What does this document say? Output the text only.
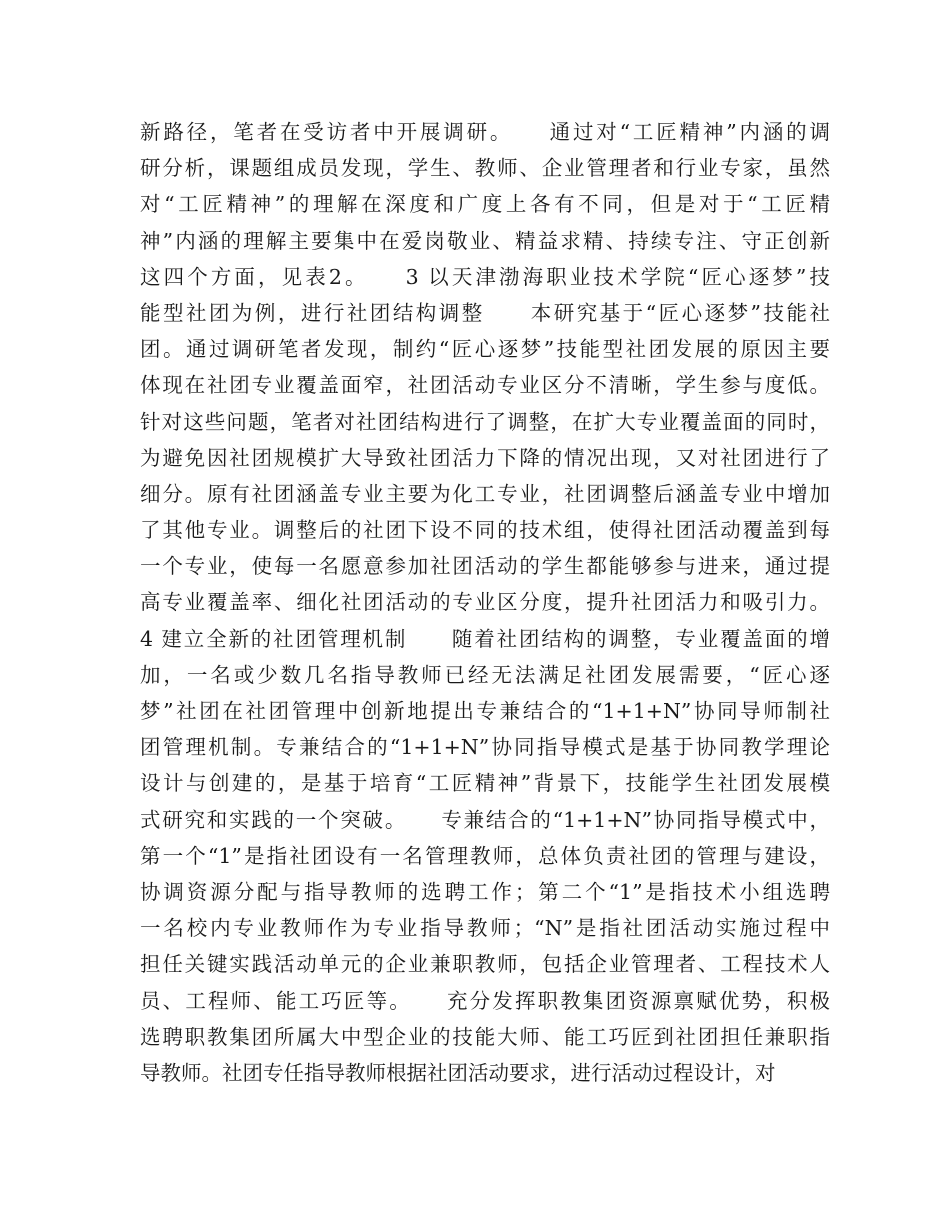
新路径，笔者在受访者中开展调研。　　通过对“工匠精神”内涵的调
研分析，课题组成员发现，学生、教师、企业管理者和行业专家，虽然
对“工匠精神”的理解在深度和广度上各有不同，但是对于“工匠精
神”内涵的理解主要集中在爱岗敬业、精益求精、持续专注、守正创新
这四个方面，见表2。　　3 以天津渤海职业技术学院“匠心逐梦”技
能型社团为例，进行社团结构调整　　本研究基于“匠心逐梦”技能社
团。通过调研笔者发现，制约“匠心逐梦”技能型社团发展的原因主要
体现在社团专业覆盖面窄，社团活动专业区分不清晰，学生参与度低。
针对这些问题，笔者对社团结构进行了调整，在扩大专业覆盖面的同时，
为避免因社团规模扩大导致社团活力下降的情况出现，又对社团进行了
细分。原有社团涵盖专业主要为化工专业，社团调整后涵盖专业中增加
了其他专业。调整后的社团下设不同的技术组，使得社团活动覆盖到每
一个专业，使每一名愿意参加社团活动的学生都能够参与进来，通过提
高专业覆盖率、细化社团活动的专业区分度，提升社团活力和吸引力。
4 建立全新的社团管理机制　　随着社团结构的调整，专业覆盖面的增
加，一名或少数几名指导教师已经无法满足社团发展需要，“匠心逐
梦”社团在社团管理中创新地提出专兼结合的“1+1+N”协同导师制社
团管理机制。专兼结合的“1+1+N”协同指导模式是基于协同教学理论
设计与创建的，是基于培育“工匠精神”背景下，技能学生社团发展模
式研究和实践的一个突破。　　专兼结合的“1+1+N”协同指导模式中，
第一个“1”是指社团设有一名管理教师，总体负责社团的管理与建设，
协调资源分配与指导教师的选聘工作；第二个“1”是指技术小组选聘
一名校内专业教师作为专业指导教师；“N”是指社团活动实施过程中
担任关键实践活动单元的企业兼职教师，包括企业管理者、工程技术人
员、工程师、能工巧匠等。　　充分发挥职教集团资源禀赋优势，积极
选聘职教集团所属大中型企业的技能大师、能工巧匠到社团担任兼职指
导教师。社团专任指导教师根据社团活动要求，进行活动过程设计，对
